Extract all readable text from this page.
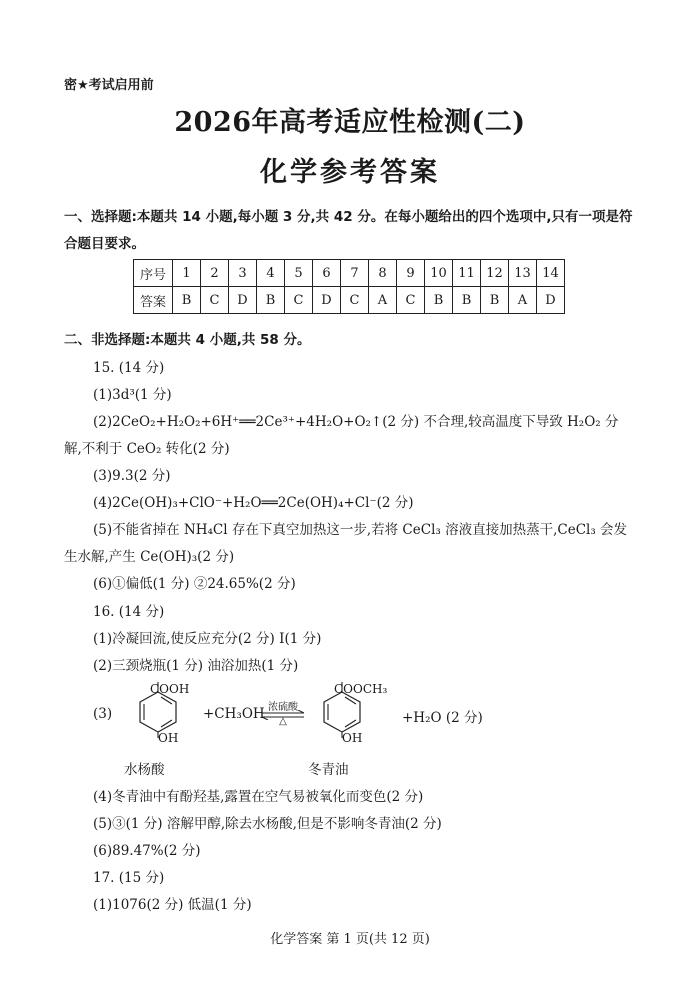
密★考试启用前
2026年高考适应性检测(二)
化学参考答案
一、选择题:本题共 14 小题,每小题 3 分,共 42 分。在每小题给出的四个选项中,只有一项是符
合题目要求。
序号	1	2	3	4	5	6	7	8	9	10	11	12	13	14
答案	B	C	D	B	C	D	C	A	C	B	B	B	A	D
二、非选择题:本题共 4 小题,共 58 分。
15. (14 分)
(1)3d³(1 分)
(2)2CeO₂+H₂O₂+6H⁺══2Ce³⁺+4H₂O+O₂↑(2 分) 不合理,较高温度下导致 H₂O₂ 分
解,不利于 CeO₂ 转化(2 分)
(3)9.3(2 分)
(4)2Ce(OH)₃+ClO⁻+H₂O══2Ce(OH)₄+Cl⁻(2 分)
(5)不能省掉在 NH₄Cl 存在下真空加热这一步,若将 CeCl₃ 溶液直接加热蒸干,CeCl₃ 会发
生水解,产生 Ce(OH)₃(2 分)
(6)①偏低(1 分) ②24.65%(2 分)
16. (14 分)
(1)冷凝回流,使反应充分(2 分) Ⅰ(1 分)
(2)三颈烧瓶(1 分) 油浴加热(1 分)
(3)
COOH
OH
+CH₃OH 浓硫酸
△
COOCH₃
OH
+H₂O (2 分)
水杨酸	冬青油
(4)冬青油中有酚羟基,露置在空气易被氧化而变色(2 分)
(5)③(1 分) 溶解甲醇,除去水杨酸,但是不影响冬青油(2 分)
(6)89.47%(2 分)
17. (15 分)
(1)1076(2 分) 低温(1 分)
化学答案 第 1 页(共 12 页)
